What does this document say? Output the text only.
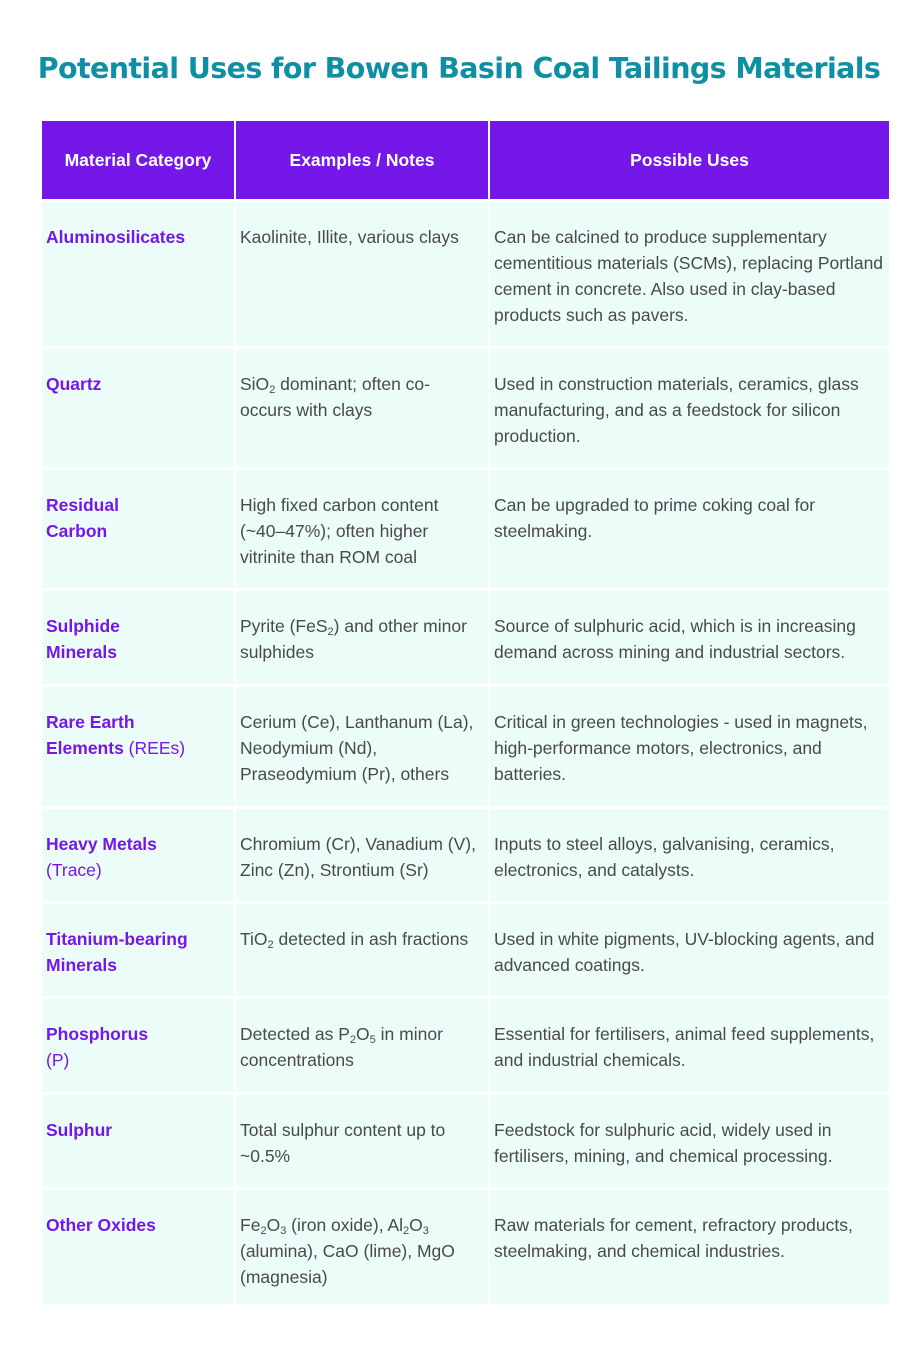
Potential Uses for Bowen Basin Coal Tailings Materials
Material Category	Examples / Notes	Possible Uses

Aluminosilicates	Kaolinite, Illite, various clays	Can be calcined to produce supplementary cementitious materials (SCMs), replacing Portland cement in concrete. Also used in clay-based products such as pavers.

Quartz	SiO$_2$ dominant; often co-occurs with clays	Used in construction materials, ceramics, glass manufacturing, and as a feedstock for silicon production.

Residual Carbon	High fixed carbon content (~40–47%); often higher vitrinite than ROM coal	Can be upgraded to prime coking coal for steelmaking.

Sulphide Minerals	Pyrite (FeS$_2$) and other minor sulphides	Source of sulphuric acid, which is in increasing demand across mining and industrial sectors.

Rare Earth Elements (REEs)	Cerium (Ce), Lanthanum (La), Neodymium (Nd), Praseodymium (Pr), others	Critical in green technologies - used in magnets, high-performance motors, electronics, and batteries.

Heavy Metals (Trace)	Chromium (Cr), Vanadium (V), Zinc (Zn), Strontium (Sr)	Inputs to steel alloys, galvanising, ceramics, electronics, and catalysts.

Titanium-bearing Minerals	TiO$_2$ detected in ash fractions	Used in white pigments, UV-blocking agents, and advanced coatings.

Phosphorus (P)	Detected as $P_2O_5$ in minor concentrations	Essential for fertilisers, animal feed supplements, and industrial chemicals.

Sulphur	Total sulphur content up to ~0.5%	Feedstock for sulphuric acid, widely used in fertilisers, mining, and chemical processing.

Other Oxides	$Fe_2O_3$ (iron oxide), $Al_2O_3$ (alumina), CaO (lime), MgO (magnesia)	Raw materials for cement, refractory products, steelmaking, and chemical industries.
